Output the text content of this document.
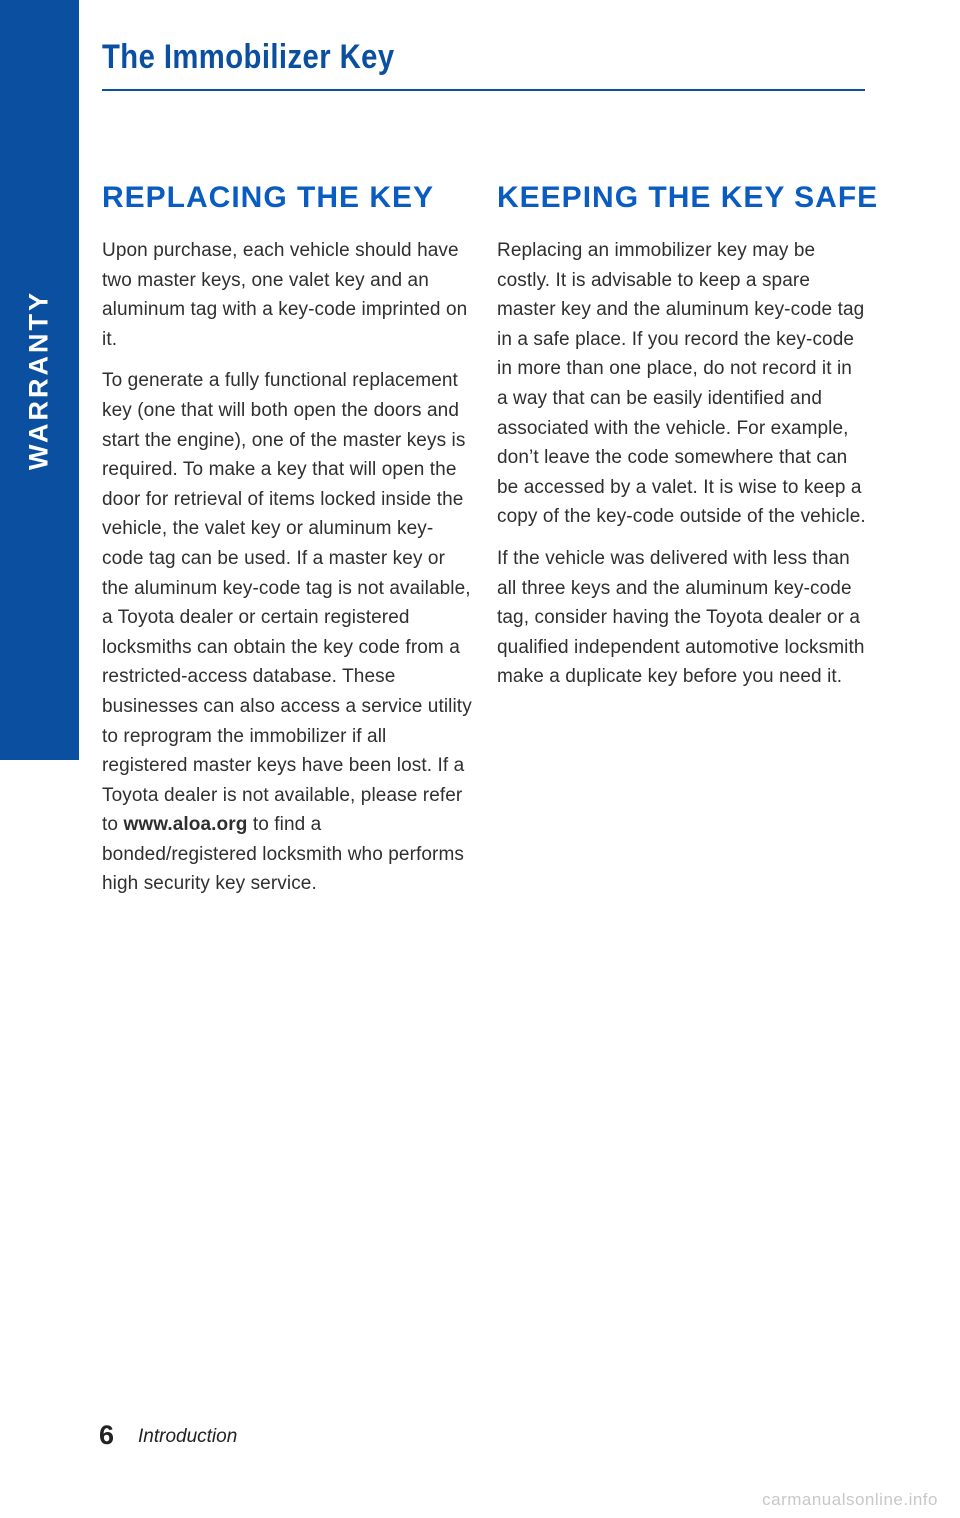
WARRANTY
The Immobilizer Key
REPLACING THE KEY

Upon purchase, each vehicle should have two master keys, one valet key and an aluminum tag with a key-code imprinted on it.

To generate a fully functional replacement key (one that will both open the doors and start the engine), one of the master keys is required. To make a key that will open the door for retrieval of items locked inside the vehicle, the valet key or aluminum key-code tag can be used. If a master key or the aluminum key-code tag is not available, a Toyota dealer or certain registered locksmiths can obtain the key code from a restricted-access database. These businesses can also access a service utility to reprogram the immobilizer if all registered master keys have been lost. If a Toyota dealer is not available, please refer to www.aloa.org to find a bonded/registered locksmith who performs high security key service.

KEEPING THE KEY SAFE

Replacing an immobilizer key may be costly. It is advisable to keep a spare master key and the aluminum key-code tag in a safe place. If you record the key-code in more than one place, do not record it in a way that can be easily identified and associated with the vehicle. For example, don’t leave the code somewhere that can be accessed by a valet. It is wise to keep a copy of the key-code outside of the vehicle.

If the vehicle was delivered with less than all three keys and the aluminum key-code tag, consider having the Toyota dealer or a qualified independent automotive locksmith make a duplicate key before you need it.

6 Introduction
carmanualsonline.info
